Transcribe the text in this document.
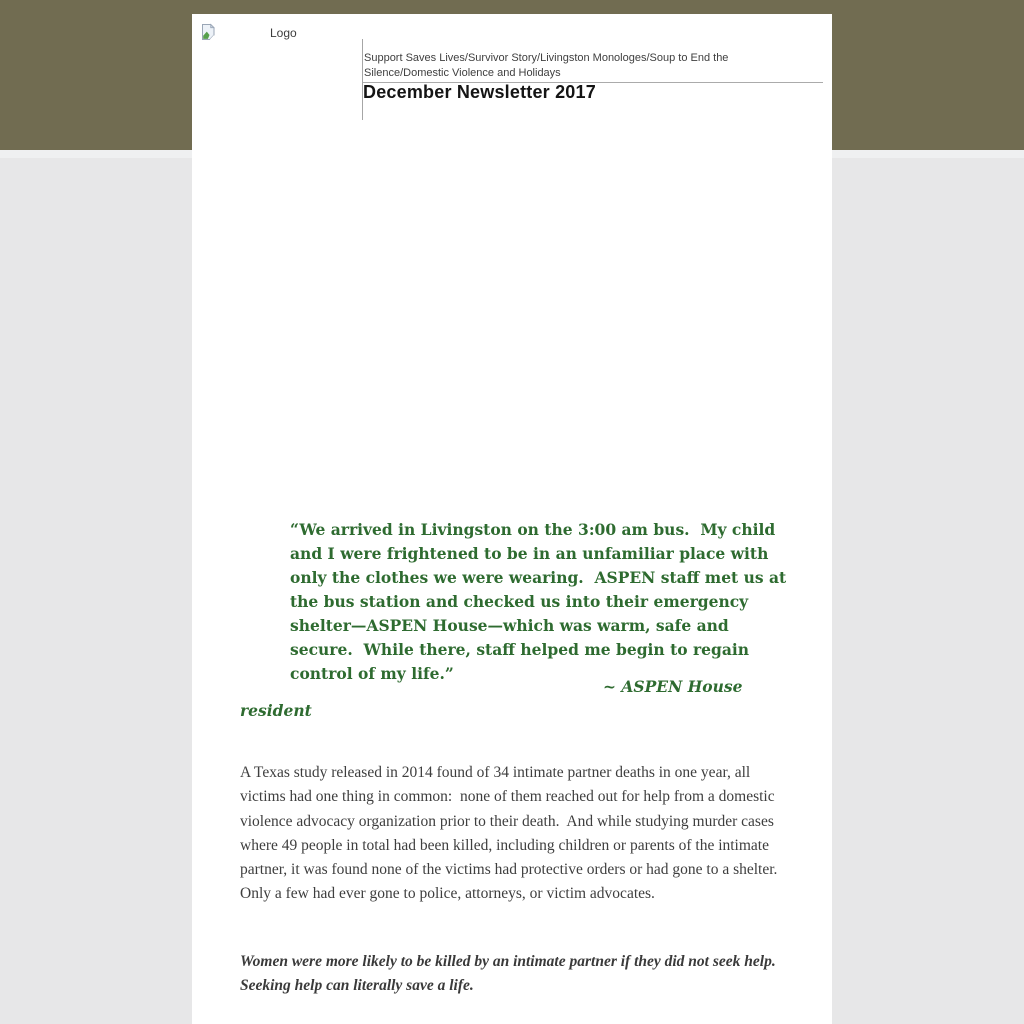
Logo
Support Saves Lives/Survivor Story/Livingston Monologes/Soup to End the Silence/Domestic Violence and Holidays
December Newsletter 2017
“We arrived in Livingston on the 3:00 am bus.  My child and I were frightened to be in an unfamiliar place with only the clothes we were wearing.  ASPEN staff met us at the bus station and checked us into their emergency shelter—ASPEN House—which was warm, safe and secure.  While there, staff helped me begin to regain control of my life.”
~ ASPEN House
resident

A Texas study released in 2014 found of 34 intimate partner deaths in one year, all victims had one thing in common:  none of them reached out for help from a domestic violence advocacy organization prior to their death.  And while studying murder cases where 49 people in total had been killed, including children or parents of the intimate partner, it was found none of the victims had protective orders or had gone to a shelter. Only a few had ever gone to police, attorneys, or victim advocates.

Women were more likely to be killed by an intimate partner if they did not seek help.  Seeking help can literally save a life.
